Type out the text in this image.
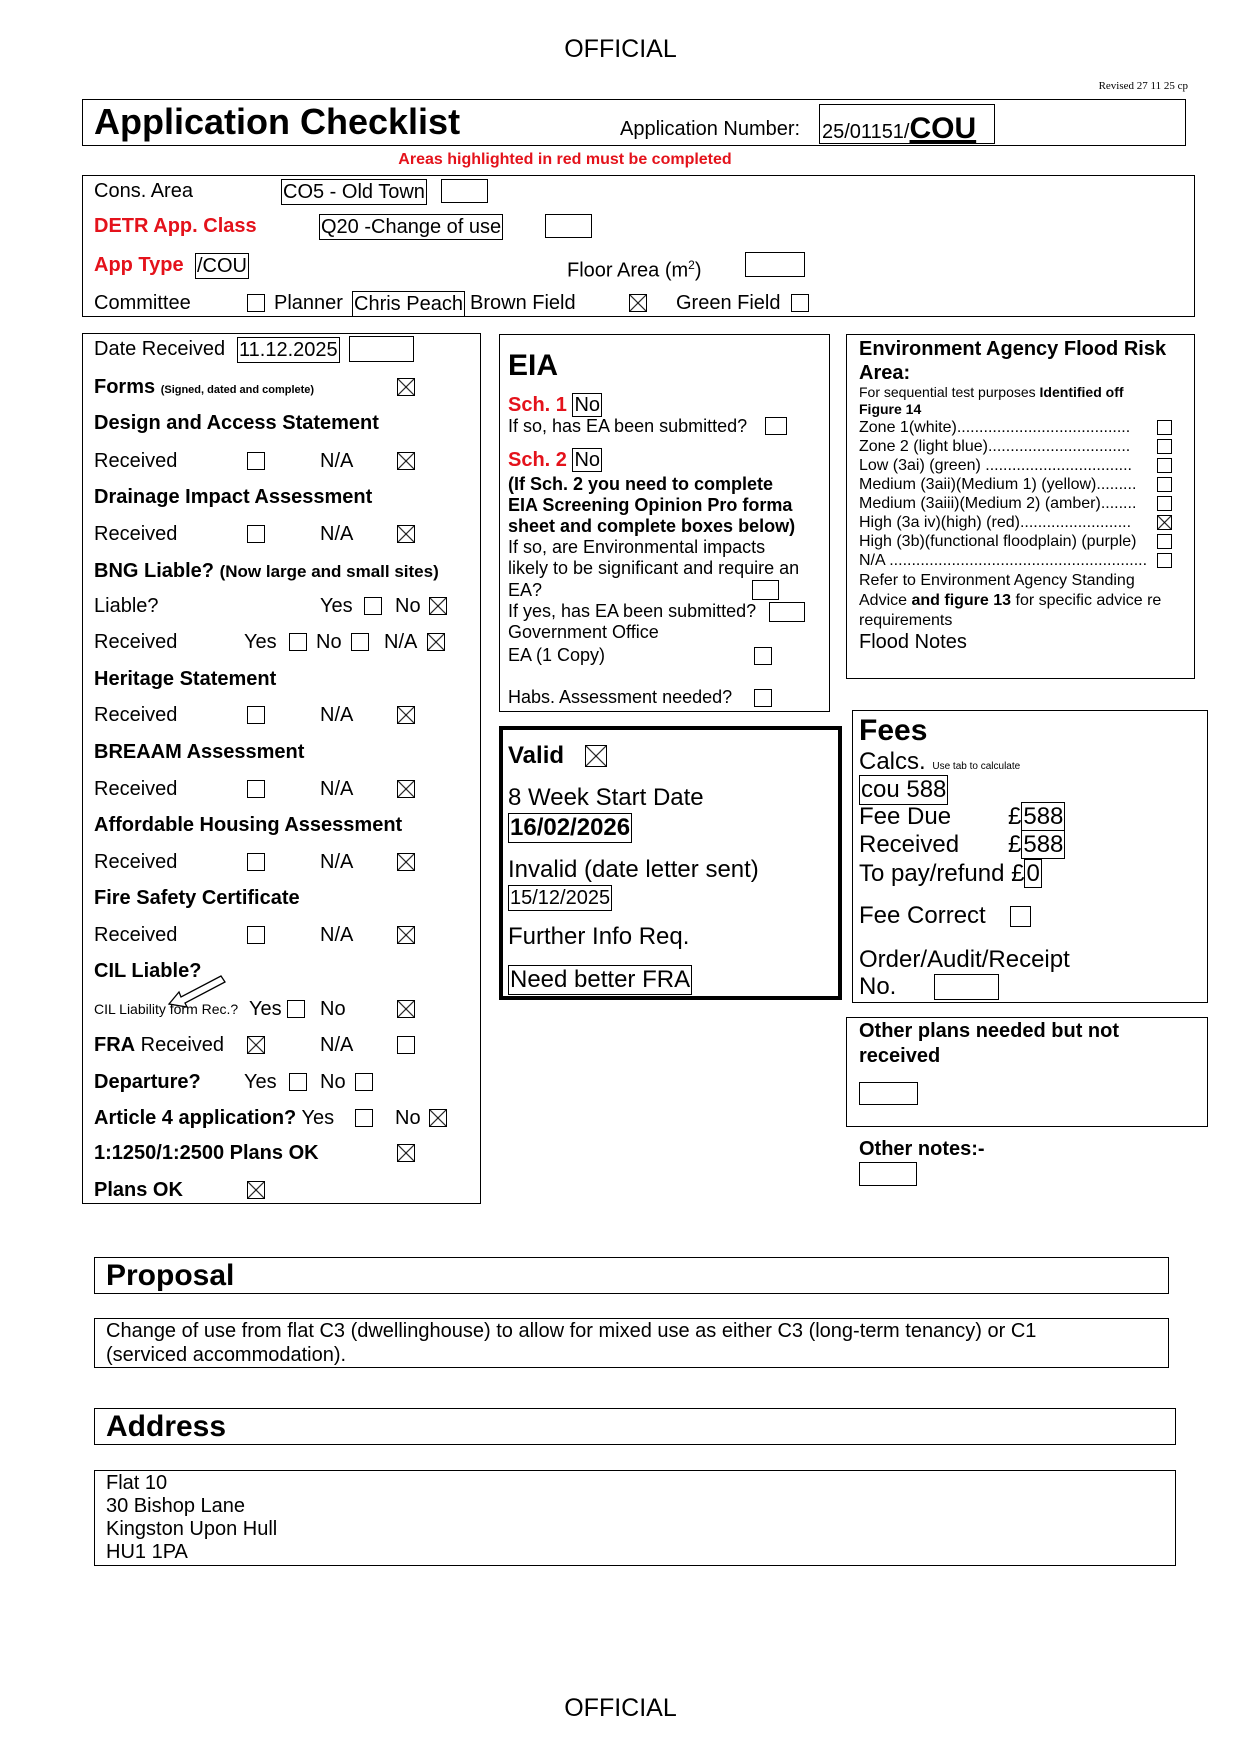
OFFICIAL
Revised 27 11 25 cp
Application Checklist	Application Number: 25/01151/COU
Areas highlighted in red must be completed
Cons. Area	CO5 - Old Town
DETR App. Class	Q20 -Change of use
App Type /COU	Floor Area $(m^2)$
Committee	Planner Chris Peach Brown Field	Green Field
Date Received 11.12.2025
Forms (Signed, dated and complete)
Design and Access Statement
Received	N/A
Drainage Impact Assessment
Received	N/A
BNG Liable? (Now large and small sites)
Liable?	Yes No
Received	Yes No N/A
Heritage Statement
Received	N/A
BREAAM Assessment
Received	N/A
Affordable Housing Assessment
Received	N/A
Fire Safety Certificate
Received	N/A
CIL Liable?
CIL Liability form Rec.? Yes No
FRA Received	N/A
Departure? Yes No
Article 4 application? Yes	No
1:1250/1:2500 Plans OK
Plans OK
EIA
Sch. 1 No
If so, has EA been submitted?
Sch. 2 No
(If Sch. 2 you need to complete
EIA Screening Opinion Pro forma
sheet and complete boxes below)
If so, are Environmental impacts
likely to be significant and require an
EA?
If yes, has EA been submitted?
Government Office
EA (1 Copy)
Habs. Assessment needed?
Environment Agency Flood Risk
Area:
For sequential test purposes Identified off
Figure 14
Zone 1(white).......................................
Zone 2 (light blue)................................
Low (3ai) (green) .................................
Medium (3aii)(Medium 1) (yellow).........
Medium (3aiii)(Medium 2) (amber)........
High (3a iv)(high) (red).........................
High (3b)(functional floodplain) (purple)
N/A ..........................................................
Refer to Environment Agency Standing
Advice and figure 13 for specific advice re
requirements
Flood Notes
Valid
8 Week Start Date
16/02/2026
Invalid (date letter sent)
15/12/2025
Further Info Req.
Need better FRA
Fees
Calcs. Use tab to calculate
cou 588
Fee Due £588
Received £588
To pay/refund £0
Fee Correct
Order/Audit/Receipt
No.
Other plans needed but not
received
Other notes:-
Proposal
Change of use from flat C3 (dwellinghouse) to allow for mixed use as either C3 (long-term tenancy) or C1
(serviced accommodation).
Address
Flat 10
30 Bishop Lane
Kingston Upon Hull
HU1 1PA
OFFICIAL
